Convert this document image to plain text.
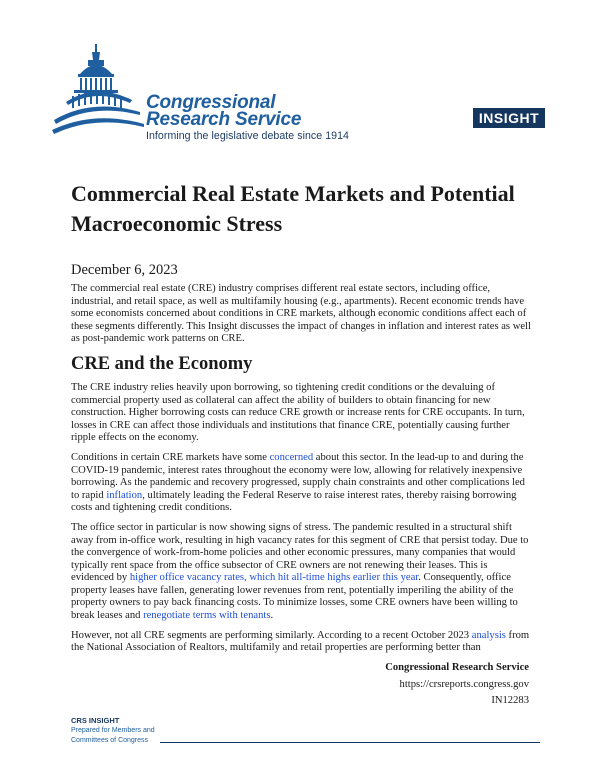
Congressional
Research Service
Informing the legislative debate since 1914
INSIGHT
Commercial Real Estate Markets and Potential Macroeconomic Stress

December 6, 2023

The commercial real estate (CRE) industry comprises different real estate sectors, including office, industrial, and retail space, as well as multifamily housing (e.g., apartments). Recent economic trends have some economists concerned about conditions in CRE markets, although economic conditions affect each of these segments differently. This Insight discusses the impact of changes in inflation and interest rates as well as post-pandemic work patterns on CRE.

CRE and the Economy

The CRE industry relies heavily upon borrowing, so tightening credit conditions or the devaluing of commercial property used as collateral can affect the ability of builders to obtain financing for new construction. Higher borrowing costs can reduce CRE growth or increase rents for CRE occupants. In turn, losses in CRE can affect those individuals and institutions that finance CRE, potentially causing further ripple effects on the economy.

Conditions in certain CRE markets have some concerned about this sector. In the lead-up to and during the COVID-19 pandemic, interest rates throughout the economy were low, allowing for relatively inexpensive borrowing. As the pandemic and recovery progressed, supply chain constraints and other complications led to rapid inflation, ultimately leading the Federal Reserve to raise interest rates, thereby raising borrowing costs and tightening credit conditions.

The office sector in particular is now showing signs of stress. The pandemic resulted in a structural shift away from in-office work, resulting in high vacancy rates for this segment of CRE that persist today. Due to the convergence of work-from-home policies and other economic pressures, many companies that would typically rent space from the office subsector of CRE owners are not renewing their leases. This is evidenced by higher office vacancy rates, which hit all-time highs earlier this year. Consequently, office property leases have fallen, generating lower revenues from rent, potentially imperiling the ability of the property owners to pay back financing costs. To minimize losses, some CRE owners have been willing to break leases and renegotiate terms with tenants.

However, not all CRE segments are performing similarly. According to a recent October 2023 analysis from the National Association of Realtors, multifamily and retail properties are performing better than

Congressional Research Service
https://crsreports.congress.gov
IN12283
CRS INSIGHT
Prepared for Members and
Committees of Congress
